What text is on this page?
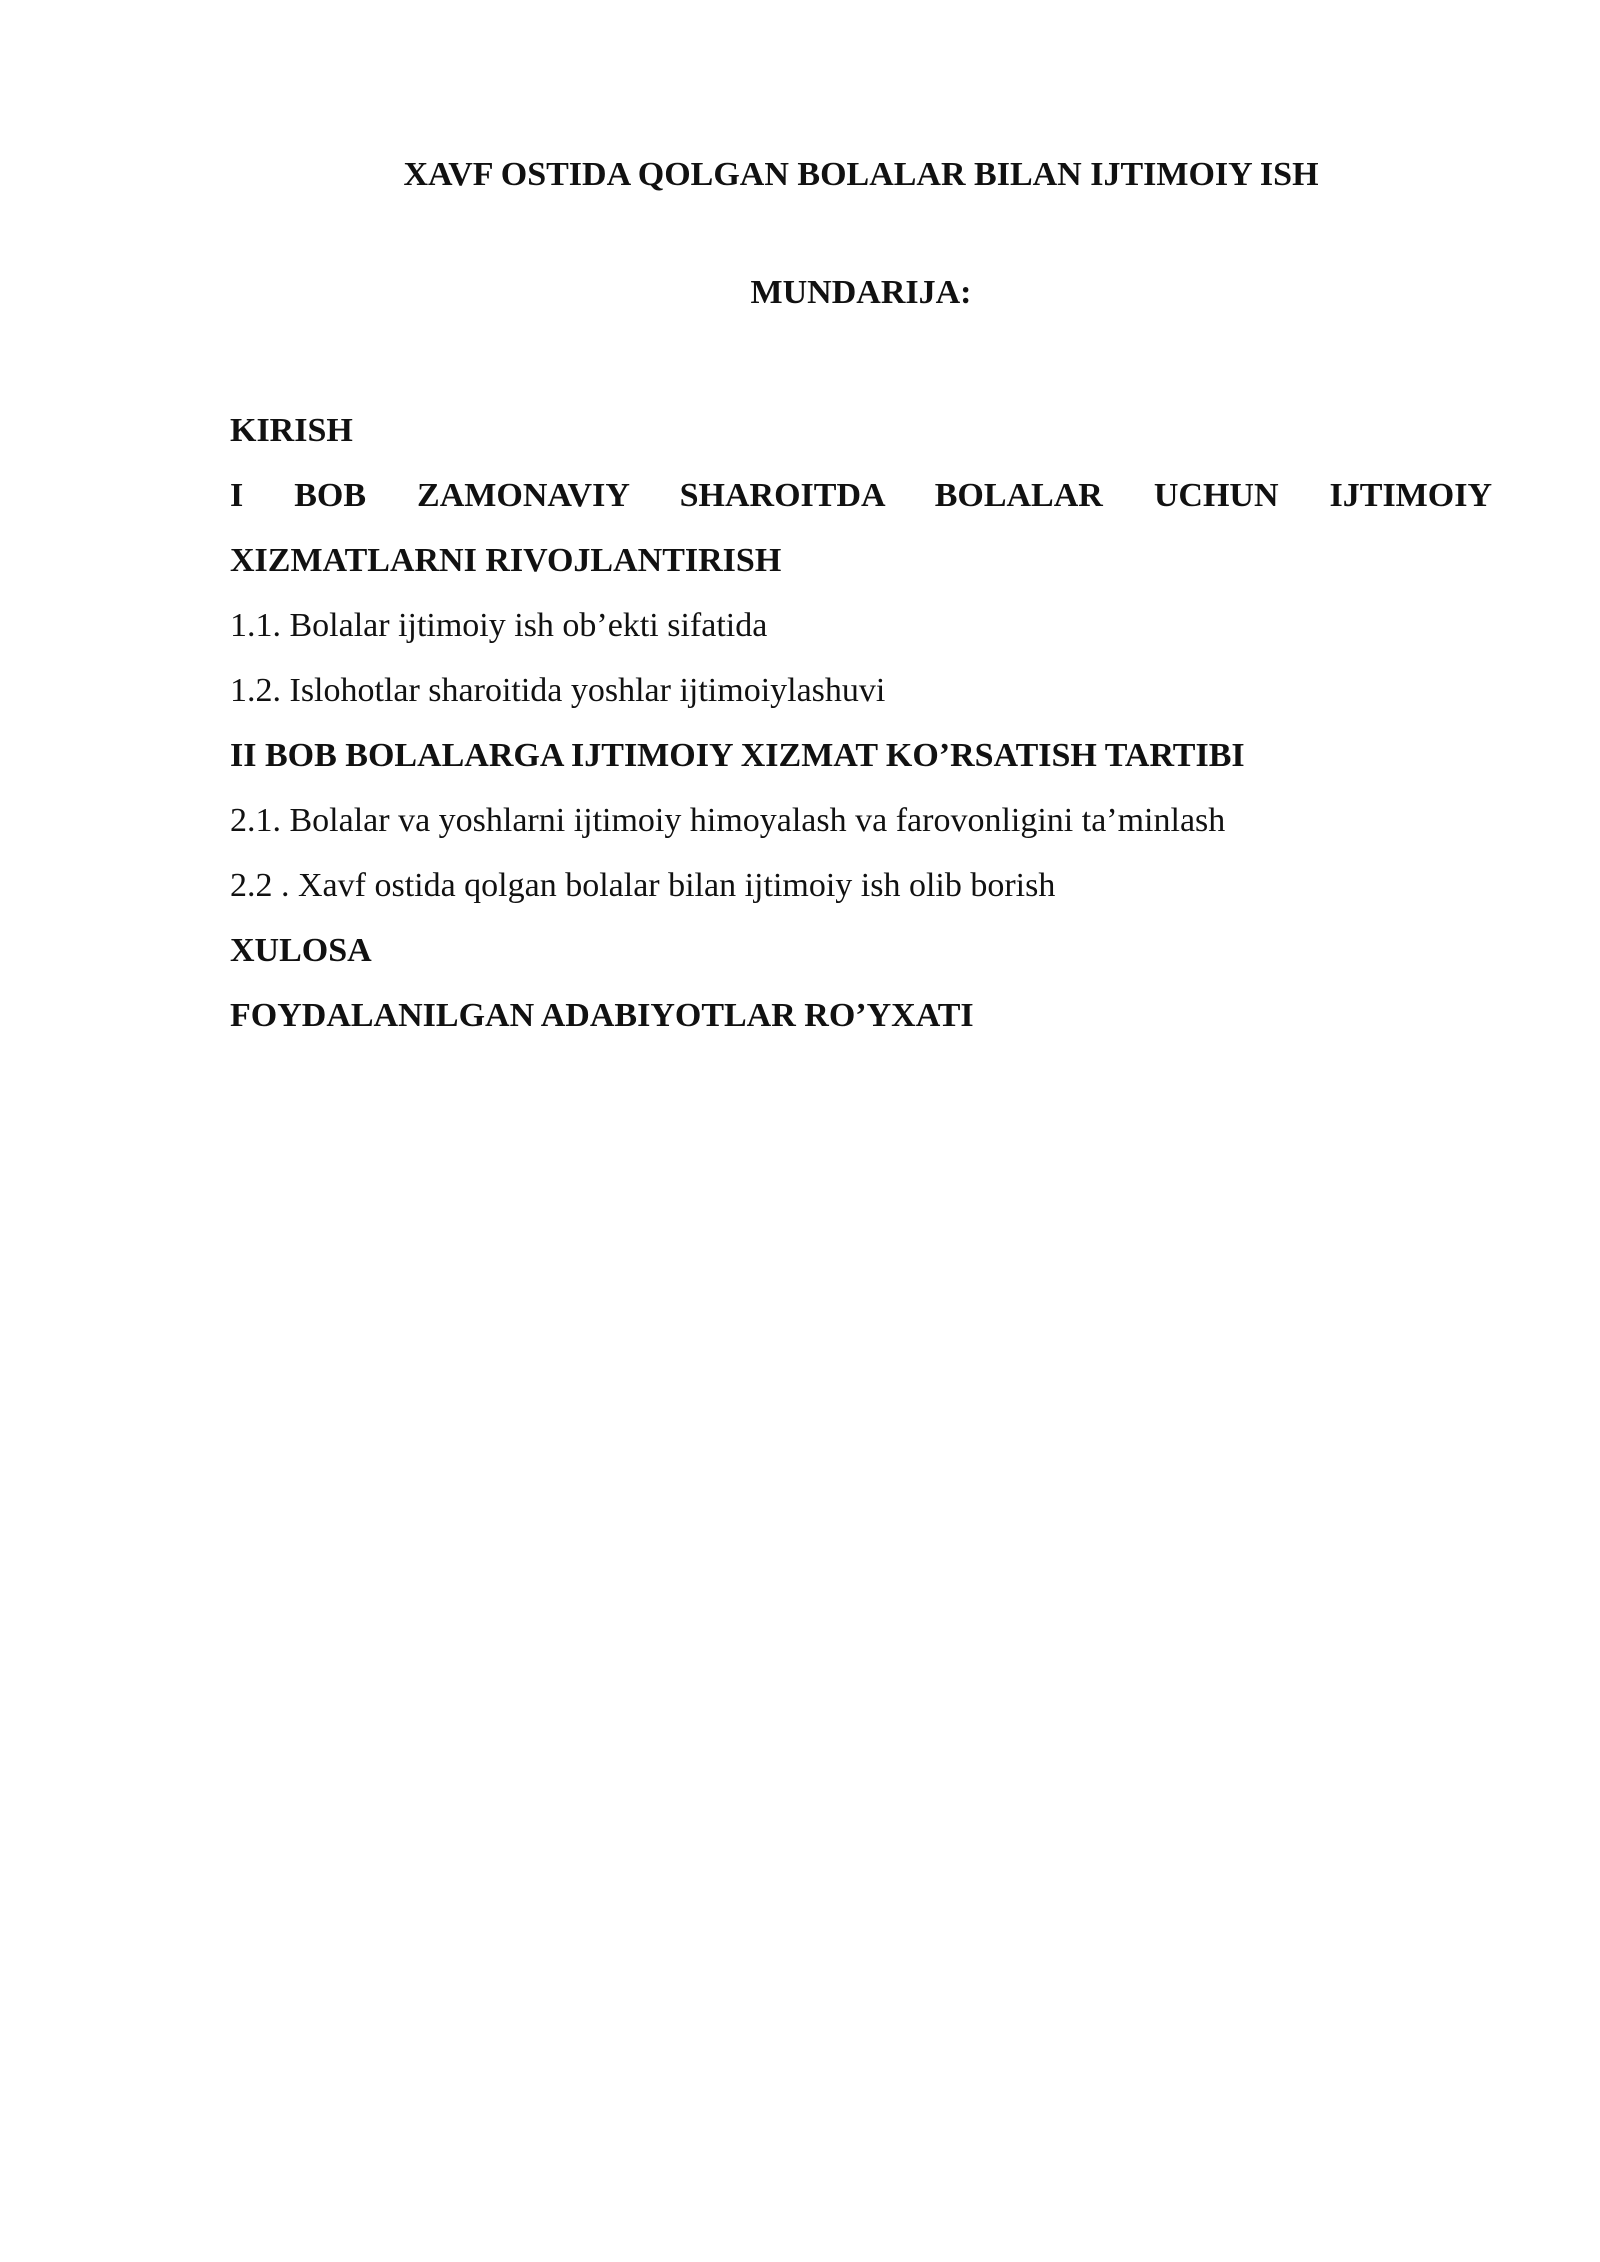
XAVF OSTIDA QOLGAN BOLALAR BILAN IJTIMOIY ISH
MUNDARIJA:
KIRISH
I BOB ZAMONAVIY SHAROITDA BOLALAR UCHUN IJTIMOIY
XIZMATLARNI RIVOJLANTIRISH
1.1. Bolalar ijtimoiy ish ob’ekti sifatida
1.2. Islohotlar sharoitida yoshlar ijtimoiylashuvi
II BOB BOLALARGA IJTIMOIY XIZMAT KO’RSATISH TARTIBI
2.1. Bolalar va yoshlarni ijtimoiy himoyalash va farovonligini ta’minlash
2.2 . Xavf ostida qolgan bolalar bilan ijtimoiy ish olib borish
XULOSA
FOYDALANILGAN ADABIYOTLAR RO’YXATI
